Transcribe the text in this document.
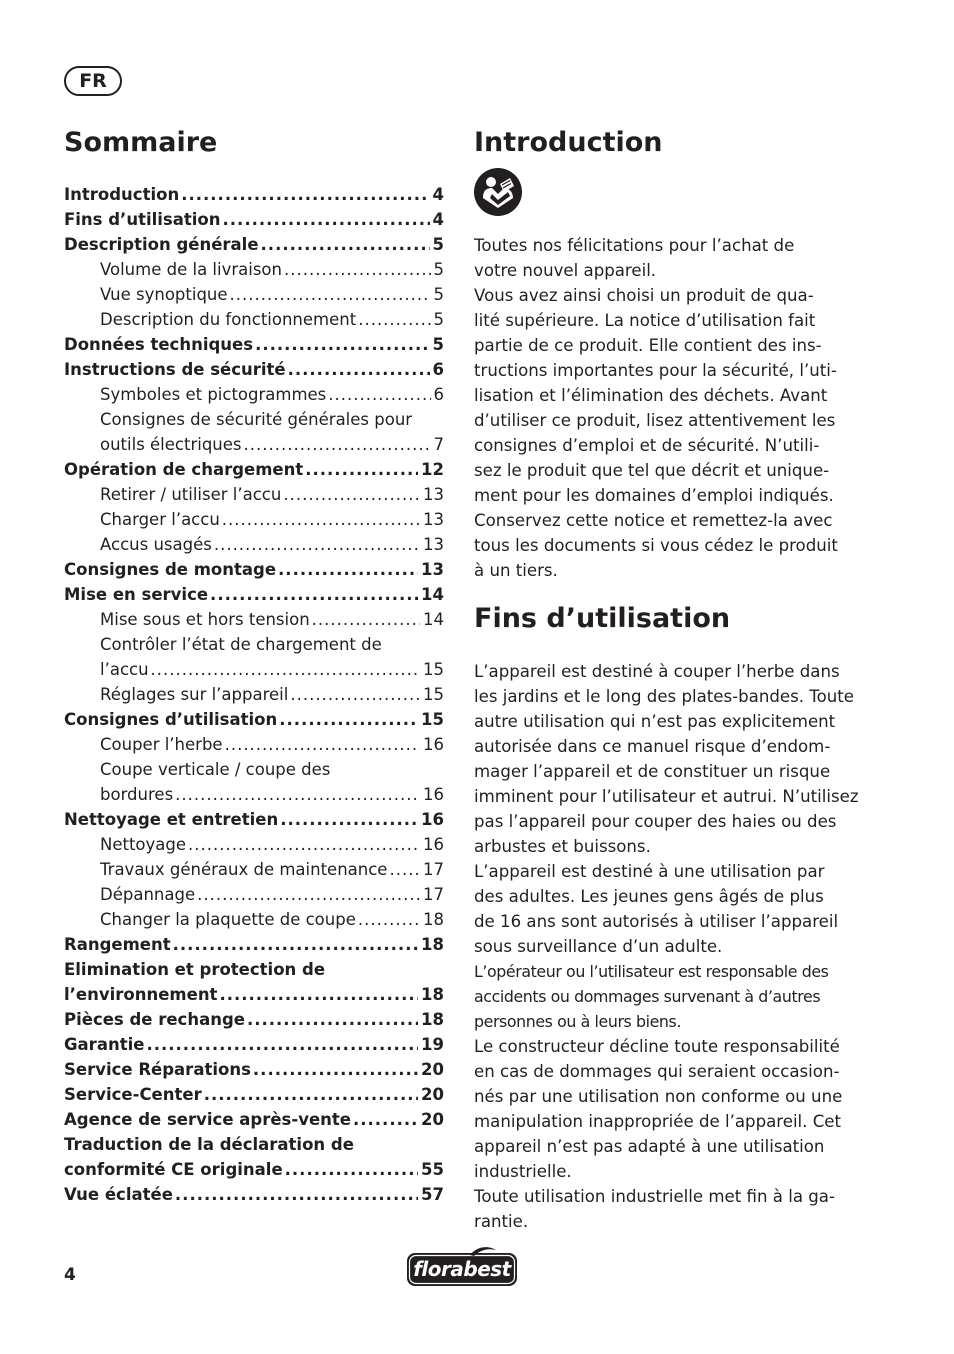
FR
Sommaire
Introduction .....	4
Fins d’utilisation .....	4
Description générale .....	5
Volume de la livraison .....	5
Vue synoptique .....	5
Description du fonctionnement .....	5
Données techniques .....	5
Instructions de sécurité .....	6
Symboles et pictogrammes .....	6
Consignes de sécurité générales pour
outils électriques .....	7
Opération de chargement .....	12
Retirer / utiliser l’accu .....	13
Charger l’accu .....	13
Accus usagés .....	13
Consignes de montage .....	13
Mise en service .....	14
Mise sous et hors tension .....	14
Contrôler l’état de chargement de
l’accu .....	15
Réglages sur l’appareil .....	15
Consignes d’utilisation .....	15
Couper l’herbe .....	16
Coupe verticale / coupe des
bordures .....	16
Nettoyage et entretien .....	16
Nettoyage .....	16
Travaux généraux de maintenance ..... 17
Dépannage .....	17
Changer la plaquette de coupe .....	18
Rangement .....	18
Elimination et protection de
l’environnement .....	18
Pièces de rechange .....	18
Garantie .....	19
Service Réparations .....	20
Service-Center .....	20
Agence de service après-vente .....	20
Traduction de la déclaration de
conformité CE originale .....	55
Vue éclatée .....	57
Introduction

Toutes nos félicitations pour l’achat de

votre nouvel appareil.

Vous avez ainsi choisi un produit de qua-

lité supérieure. La notice d’utilisation fait

partie de ce produit. Elle contient des ins-

tructions importantes pour la sécurité, l’uti-

lisation et l’élimination des déchets. Avant

d’utiliser ce produit, lisez attentivement les

consignes d’emploi et de sécurité. N’utili-

sez le produit que tel que décrit et unique-

ment pour les domaines d’emploi indiqués.

Conservez cette notice et remettez-la avec

tous les documents si vous cédez le produit

à un tiers.

Fins d’utilisation

L’appareil est destiné à couper l’herbe dans

les jardins et le long des plates-bandes. Toute

autre utilisation qui n’est pas explicitement

autorisée dans ce manuel risque d’endom-

mager l’appareil et de constituer un risque

imminent pour l’utilisateur et autrui. N’utilisez

pas l’appareil pour couper des haies ou des

arbustes et buissons.

L’appareil est destiné à une utilisation par

des adultes. Les jeunes gens âgés de plus

de 16 ans sont autorisés à utiliser l’appareil

sous surveillance d’un adulte.

L’opérateur ou l’utilisateur est responsable des

accidents ou dommages survenant à d’autres

personnes ou à leurs biens.

Le constructeur décline toute responsabilité

en cas de dommages qui seraient occasion-

nés par une utilisation non conforme ou une

manipulation inappropriée de l’appareil. Cet

appareil n’est pas adapté à une utilisation

industrielle.

Toute utilisation industrielle met fin à la ga-

rantie.

4	florabest
